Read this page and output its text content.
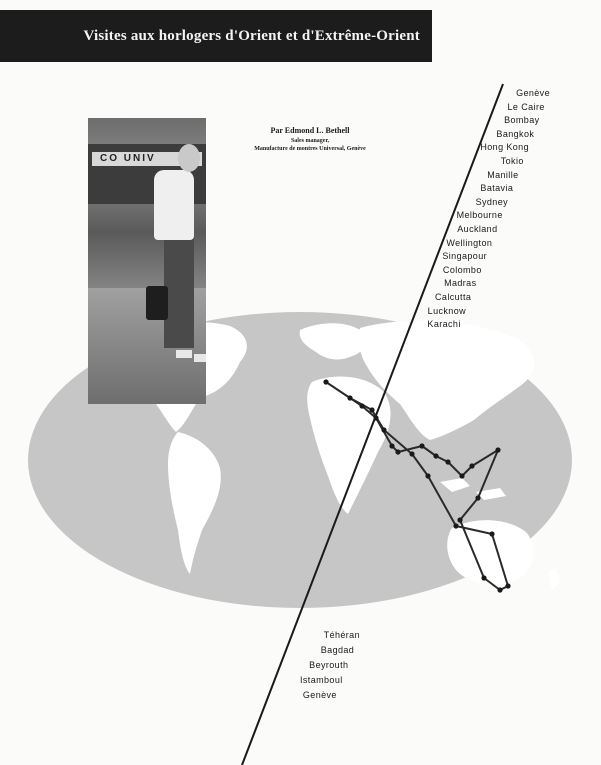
Visites aux horlogers d'Orient et d'Extrême-Orient
CO UNIV
Par Edmond L. Bethell
Sales manager,
Manufacture de montres Universal, Genève
Genève
Le Caire
Bombay
Bangkok
Hong Kong
Tokio
Manille
Batavia
Sydney
Melbourne
Auckland
Wellington
Singapour
Colombo
Madras
Calcutta
Lucknow
Karachi
Téhéran
Bagdad
Beyrouth
Istamboul
Genève
